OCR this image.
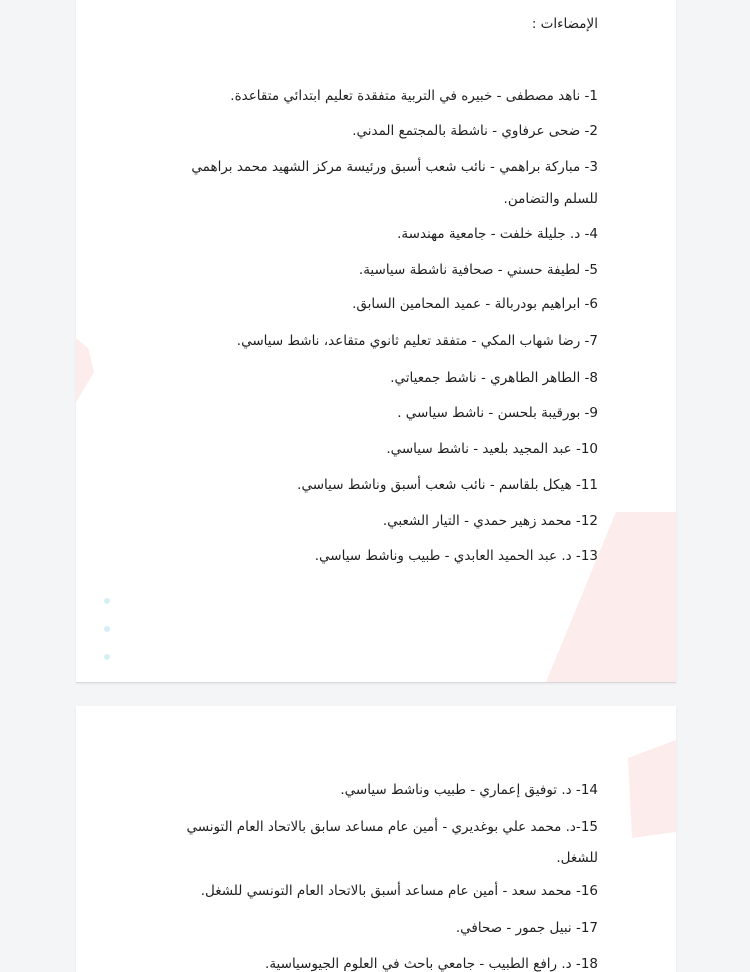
الإمضاءات :
1- ناهد مصطفى - خبيره في التربية متفقدة تعليم ابتدائي متقاعدة.
2- ضحى عرفاوي - ناشطة بالمجتمع المدني.
3- مباركة براهمي - نائب شعب أسبق ورئيسة مركز الشهيد محمد براهمي
للسلم والتضامن.
4- د. جليلة خلفت - جامعية مهندسة.
5- لطيفة حسني - صحافية ناشطة سياسية.
6- ابراهيم بودربالة - عميد المحامين السابق.
7- رضا شهاب المكي - متفقد تعليم ثانوي متقاعد، ناشط سياسي.
8- الطاهر الطاهري - ناشط جمعياتي.
9- بورقيبة بلحسن - ناشط سياسي .
10- عبد المجيد بلعيد - ناشط سياسي.
11- هيكل بلقاسم - نائب شعب أسبق وناشط سياسي.
12- محمد زهير حمدي - التيار الشعبي.
13- د. عبد الحميد العابدي - طبيب وناشط سياسي.
14- د. توفيق إعماري - طبيب وناشط سياسي.
15-د. محمد علي بوغديري - أمين عام مساعد سابق بالاتحاد العام التونسي
للشغل.
16- محمد سعد - أمين عام مساعد أسبق بالاتحاد العام التونسي للشغل.
17- نبيل جمور - صحافي.
18- د. رافع الطبيب - جامعي باحث في العلوم الجيوسياسية.
